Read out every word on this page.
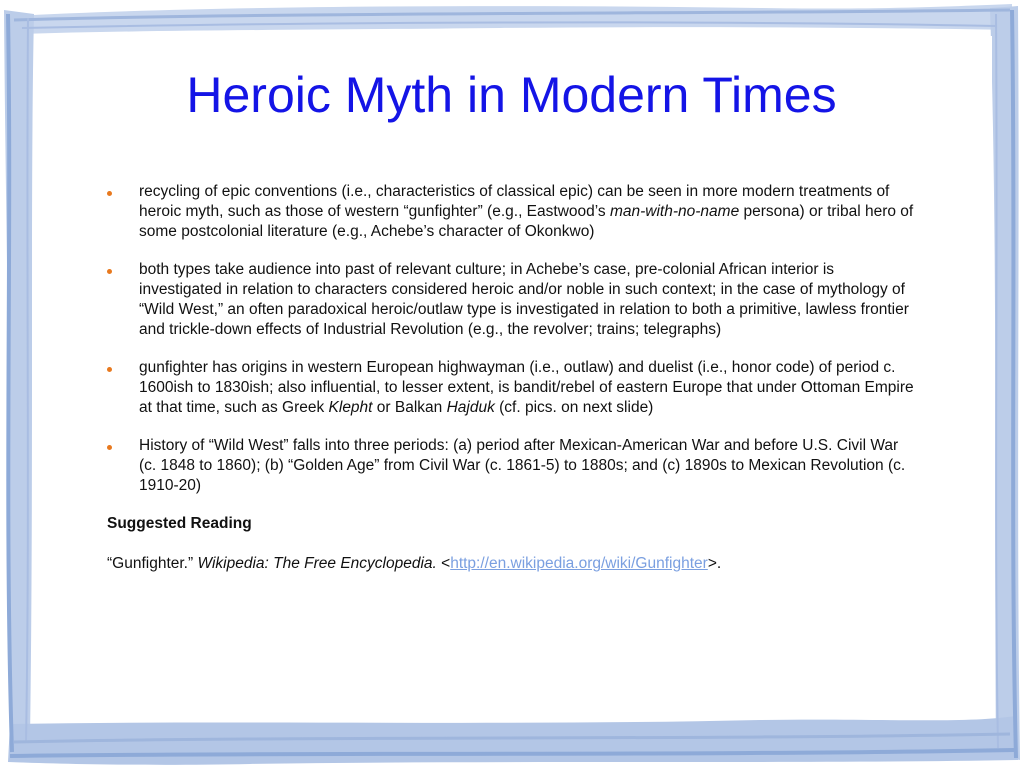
Heroic Myth in Modern Times
recycling of epic conventions (i.e., characteristics of classical epic) can be seen in more modern treatments of heroic myth, such as those of western “gunfighter” (e.g., Eastwood’s man-with-no-name persona) or tribal hero of some postcolonial literature (e.g., Achebe’s character of Okonkwo)
both types take audience into past of relevant culture; in Achebe’s case, pre-colonial African interior is investigated in relation to characters considered heroic and/or noble in such context; in the case of mythology of “Wild West,” an often paradoxical heroic/outlaw type is investigated in relation to both a primitive, lawless frontier and trickle-down effects of Industrial Revolution (e.g., the revolver; trains; telegraphs)
gunfighter has origins in western European highwayman (i.e., outlaw) and duelist (i.e., honor code) of period c. 1600ish to 1830ish; also influential, to lesser extent, is bandit/rebel of eastern Europe that under Ottoman Empire at that time, such as Greek Klepht or Balkan Hajduk (cf. pics. on next slide)
History of “Wild West” falls into three periods: (a) period after Mexican-American War and before U.S. Civil War (c. 1848 to 1860); (b) “Golden Age” from Civil War (c. 1861-5) to 1880s; and (c) 1890s to Mexican Revolution (c. 1910-20)

Suggested Reading

“Gunfighter.” Wikipedia: The Free Encyclopedia. <http://en.wikipedia.org/wiki/Gunfighter>.
